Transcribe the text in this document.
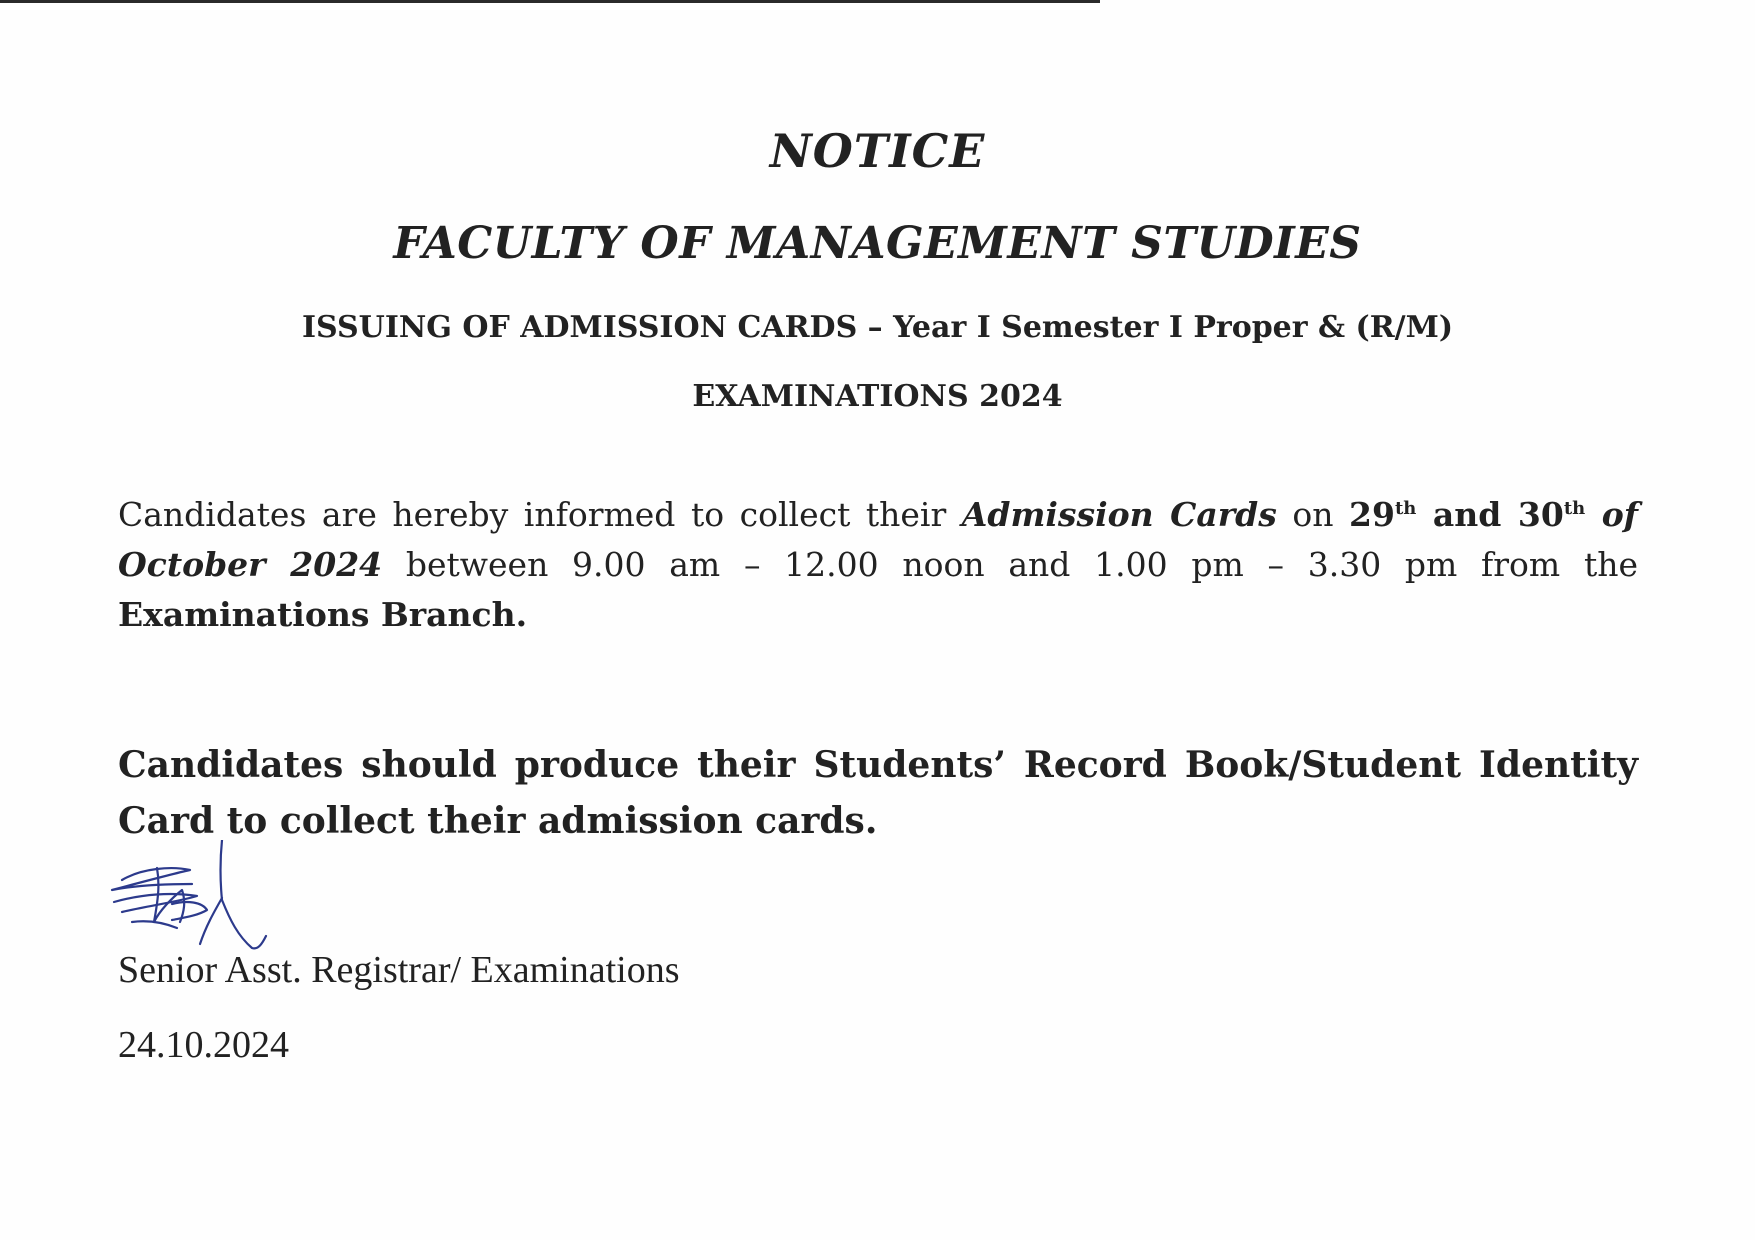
NOTICE
FACULTY OF MANAGEMENT STUDIES
ISSUING OF ADMISSION CARDS – Year I Semester I Proper & (R/M)
EXAMINATIONS 2024

Candidates are hereby informed to collect their Admission Cards on 29th and 30th of October 2024 between 9.00 am – 12.00 noon and 1.00 pm – 3.30 pm from the Examinations Branch.

Candidates should produce their Students’ Record Book/Student Identity Card to collect their admission cards.

Senior Asst. Registrar/ Examinations

24.10.2024
